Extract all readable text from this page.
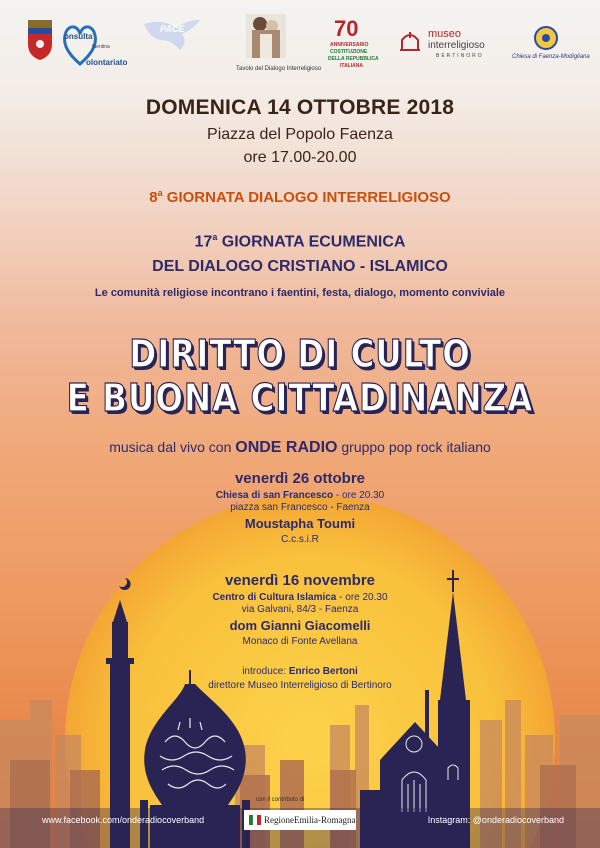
onsulta
faentina
olontariato
PACE
Tavolo del Dialogo Interreligioso
70
ANNIVERSARIO
COSTITUZIONE
DELLA REPUBBLICA
ITALIANA
museo
interreligioso
BERTINORO	Chiesa di Faenza-Modigliana
DOMENICA 14 OTTOBRE 2018
Piazza del Popolo Faenza
ore 17.00-20.00
8$^a$ GIORNATA DIALOGO INTERRELIGIOSO
17$^a$ GIORNATA ECUMENICA
DEL DIALOGO CRISTIANO - ISLAMICO
Le comunità religiose incontrano i faentini, festa, dialogo, momento conviviale
DIRITTO DI CULTO
E BUONA CITTADINANZA
musica dal vivo con ONDE RADIO gruppo pop rock italiano
venerdì 26 ottobre
Chiesa di san Francesco - ore 20.30
piazza san Francesco - Faenza
Moustapha Toumi
C.c.s.i.R
venerdì 16 novembre
Centro di Cultura Islamica - ore 20.30
via Galvani, 84/3 - Faenza
dom Gianni Giacomelli
Monaco di Fonte Avellana
introduce: Enrico Bertoni
direttore Museo Interreligioso di Bertinoro
www.facebook.com/onderadiocoverband
con il contributo di
RegioneEmilia-Romagna	Instagram: @onderadiocoverband
